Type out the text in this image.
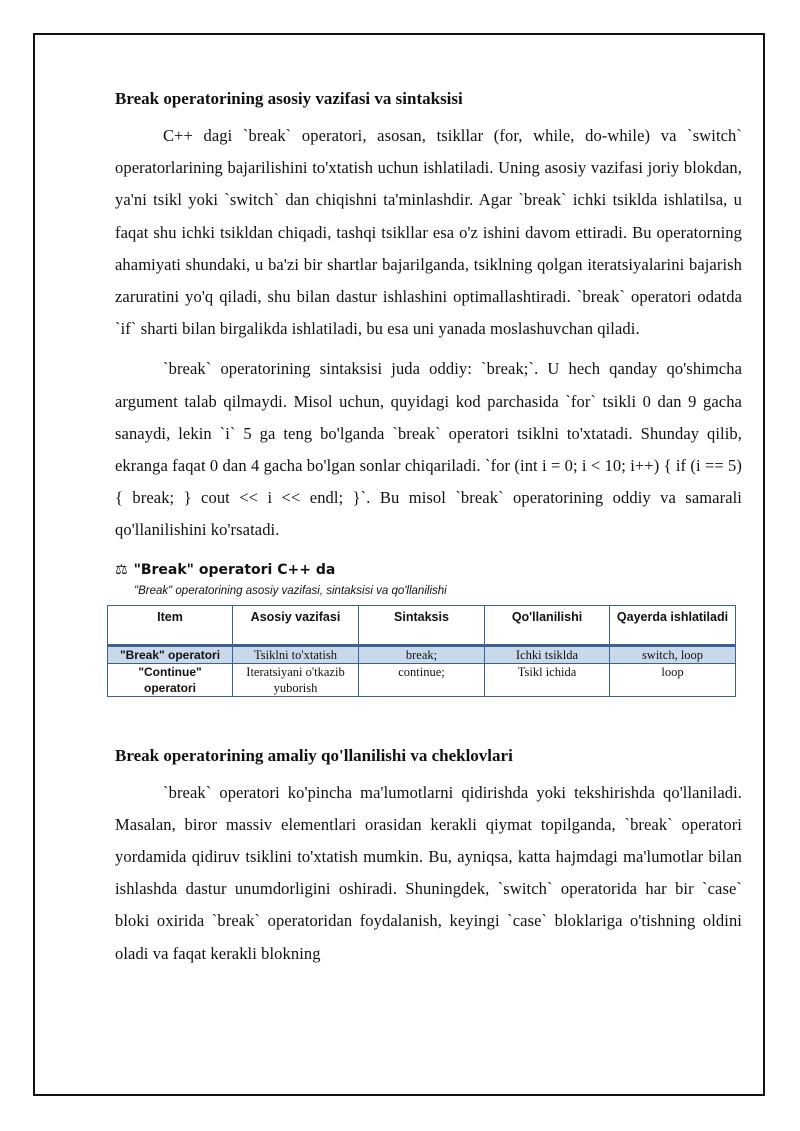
Break operatorining asosiy vazifasi va sintaksisi

C++ dagi `break` operatori, asosan, tsikllar (for, while, do-while) va `switch` operatorlarining bajarilishini to'xtatish uchun ishlatiladi. Uning asosiy vazifasi joriy blokdan, ya'ni tsikl yoki `switch` dan chiqishni ta'minlashdir. Agar `break` ichki tsiklda ishlatilsa, u faqat shu ichki tsikldan chiqadi, tashqi tsikllar esa o'z ishini davom ettiradi. Bu operatorning ahamiyati shundaki, u ba'zi bir shartlar bajarilganda, tsiklning qolgan iteratsiyalarini bajarish zaruratini yo'q qiladi, shu bilan dastur ishlashini optimallashtiradi. `break` operatori odatda `if` sharti bilan birgalikda ishlatiladi, bu esa uni yanada moslashuvchan qiladi.

`break` operatorining sintaksisi juda oddiy: `break;`. U hech qanday qo'shimcha argument talab qilmaydi. Misol uchun, quyidagi kod parchasida `for` tsikli 0 dan 9 gacha sanaydi, lekin `i` 5 ga teng bo'lganda `break` operatori tsiklni to'xtatadi. Shunday qilib, ekranga faqat 0 dan 4 gacha bo'lgan sonlar chiqariladi. `for (int i = 0; i < 10; i++) { if (i == 5) { break; } cout << i << endl; }`. Bu misol `break` operatorining oddiy va samarali qo'llanilishini ko'rsatadi.

⚖ "Break" operatori C++ da
"Break" operatorining asosiy vazifasi, sintaksisi va qo'llanilishi
Item	Asosiy vazifasi	Sintaksis	Qo'llanilishi	Qayerda ishlatiladi
"Break" operatori	Tsiklni to'xtatish	break;	Ichki tsiklda	switch, loop
"Continue" operatori	Iteratsiyani o'tkazib yuborish	continue;	Tsikl ichida	loop
Break operatorining amaliy qo'llanilishi va cheklovlari

`break` operatori ko'pincha ma'lumotlarni qidirishda yoki tekshirishda qo'llaniladi. Masalan, biror massiv elementlari orasidan kerakli qiymat topilganda, `break` operatori yordamida qidiruv tsiklini to'xtatish mumkin. Bu, ayniqsa, katta hajmdagi ma'lumotlar bilan ishlashda dastur unumdorligini oshiradi. Shuningdek, `switch` operatorida har bir `case` bloki oxirida `break` operatoridan foydalanish, keyingi `case` bloklariga o'tishning oldini oladi va faqat kerakli blokning
